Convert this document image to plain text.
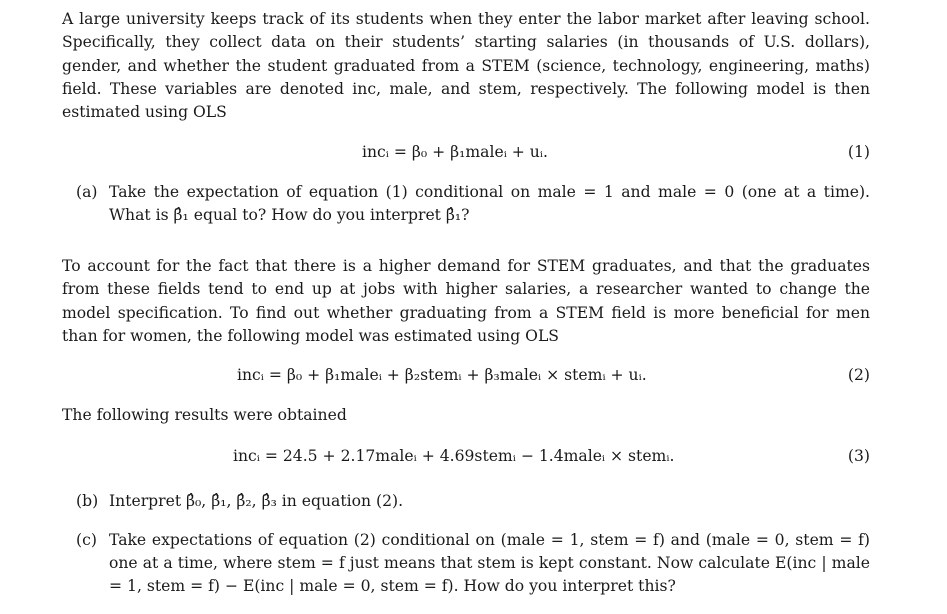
A large university keeps track of its students when they enter the labor market after leaving school. Specifically, they collect data on their students’ starting salaries (in thousands of U.S. dollars), gender, and whether the student graduated from a STEM (science, technology, engineering, maths) field. These variables are denoted inc, male, and stem, respectively. The following model is then estimated using OLS

incᵢ = β₀ + β₁maleᵢ + uᵢ.	(1)
(a) Take the expectation of equation (1) conditional on male = 1 and male = 0 (one at a time). What is β̂₁ equal to? How do you interpret β̂₁?

To account for the fact that there is a higher demand for STEM graduates, and that the graduates from these fields tend to end up at jobs with higher salaries, a researcher wanted to change the model specification. To find out whether graduating from a STEM field is more beneficial for men than for women, the following model was estimated using OLS

incᵢ = β₀ + β₁maleᵢ + β₂stemᵢ + β₃maleᵢ × stemᵢ + uᵢ.	(2)

The following results were obtained

incᵢ = 24.5 + 2.17maleᵢ + 4.69stemᵢ − 1.4maleᵢ × stemᵢ.	(3)
(b) Interpret β̂₀, β̂₁, β̂₂, β̂₃ in equation (2).
(c) Take expectations of equation (2) conditional on (male = 1, stem = f) and (male = 0, stem = f) one at a time, where stem = f just means that stem is kept constant. Now calculate E(inc | male = 1, stem = f) − E(inc | male = 0, stem = f). How do you interpret this?
